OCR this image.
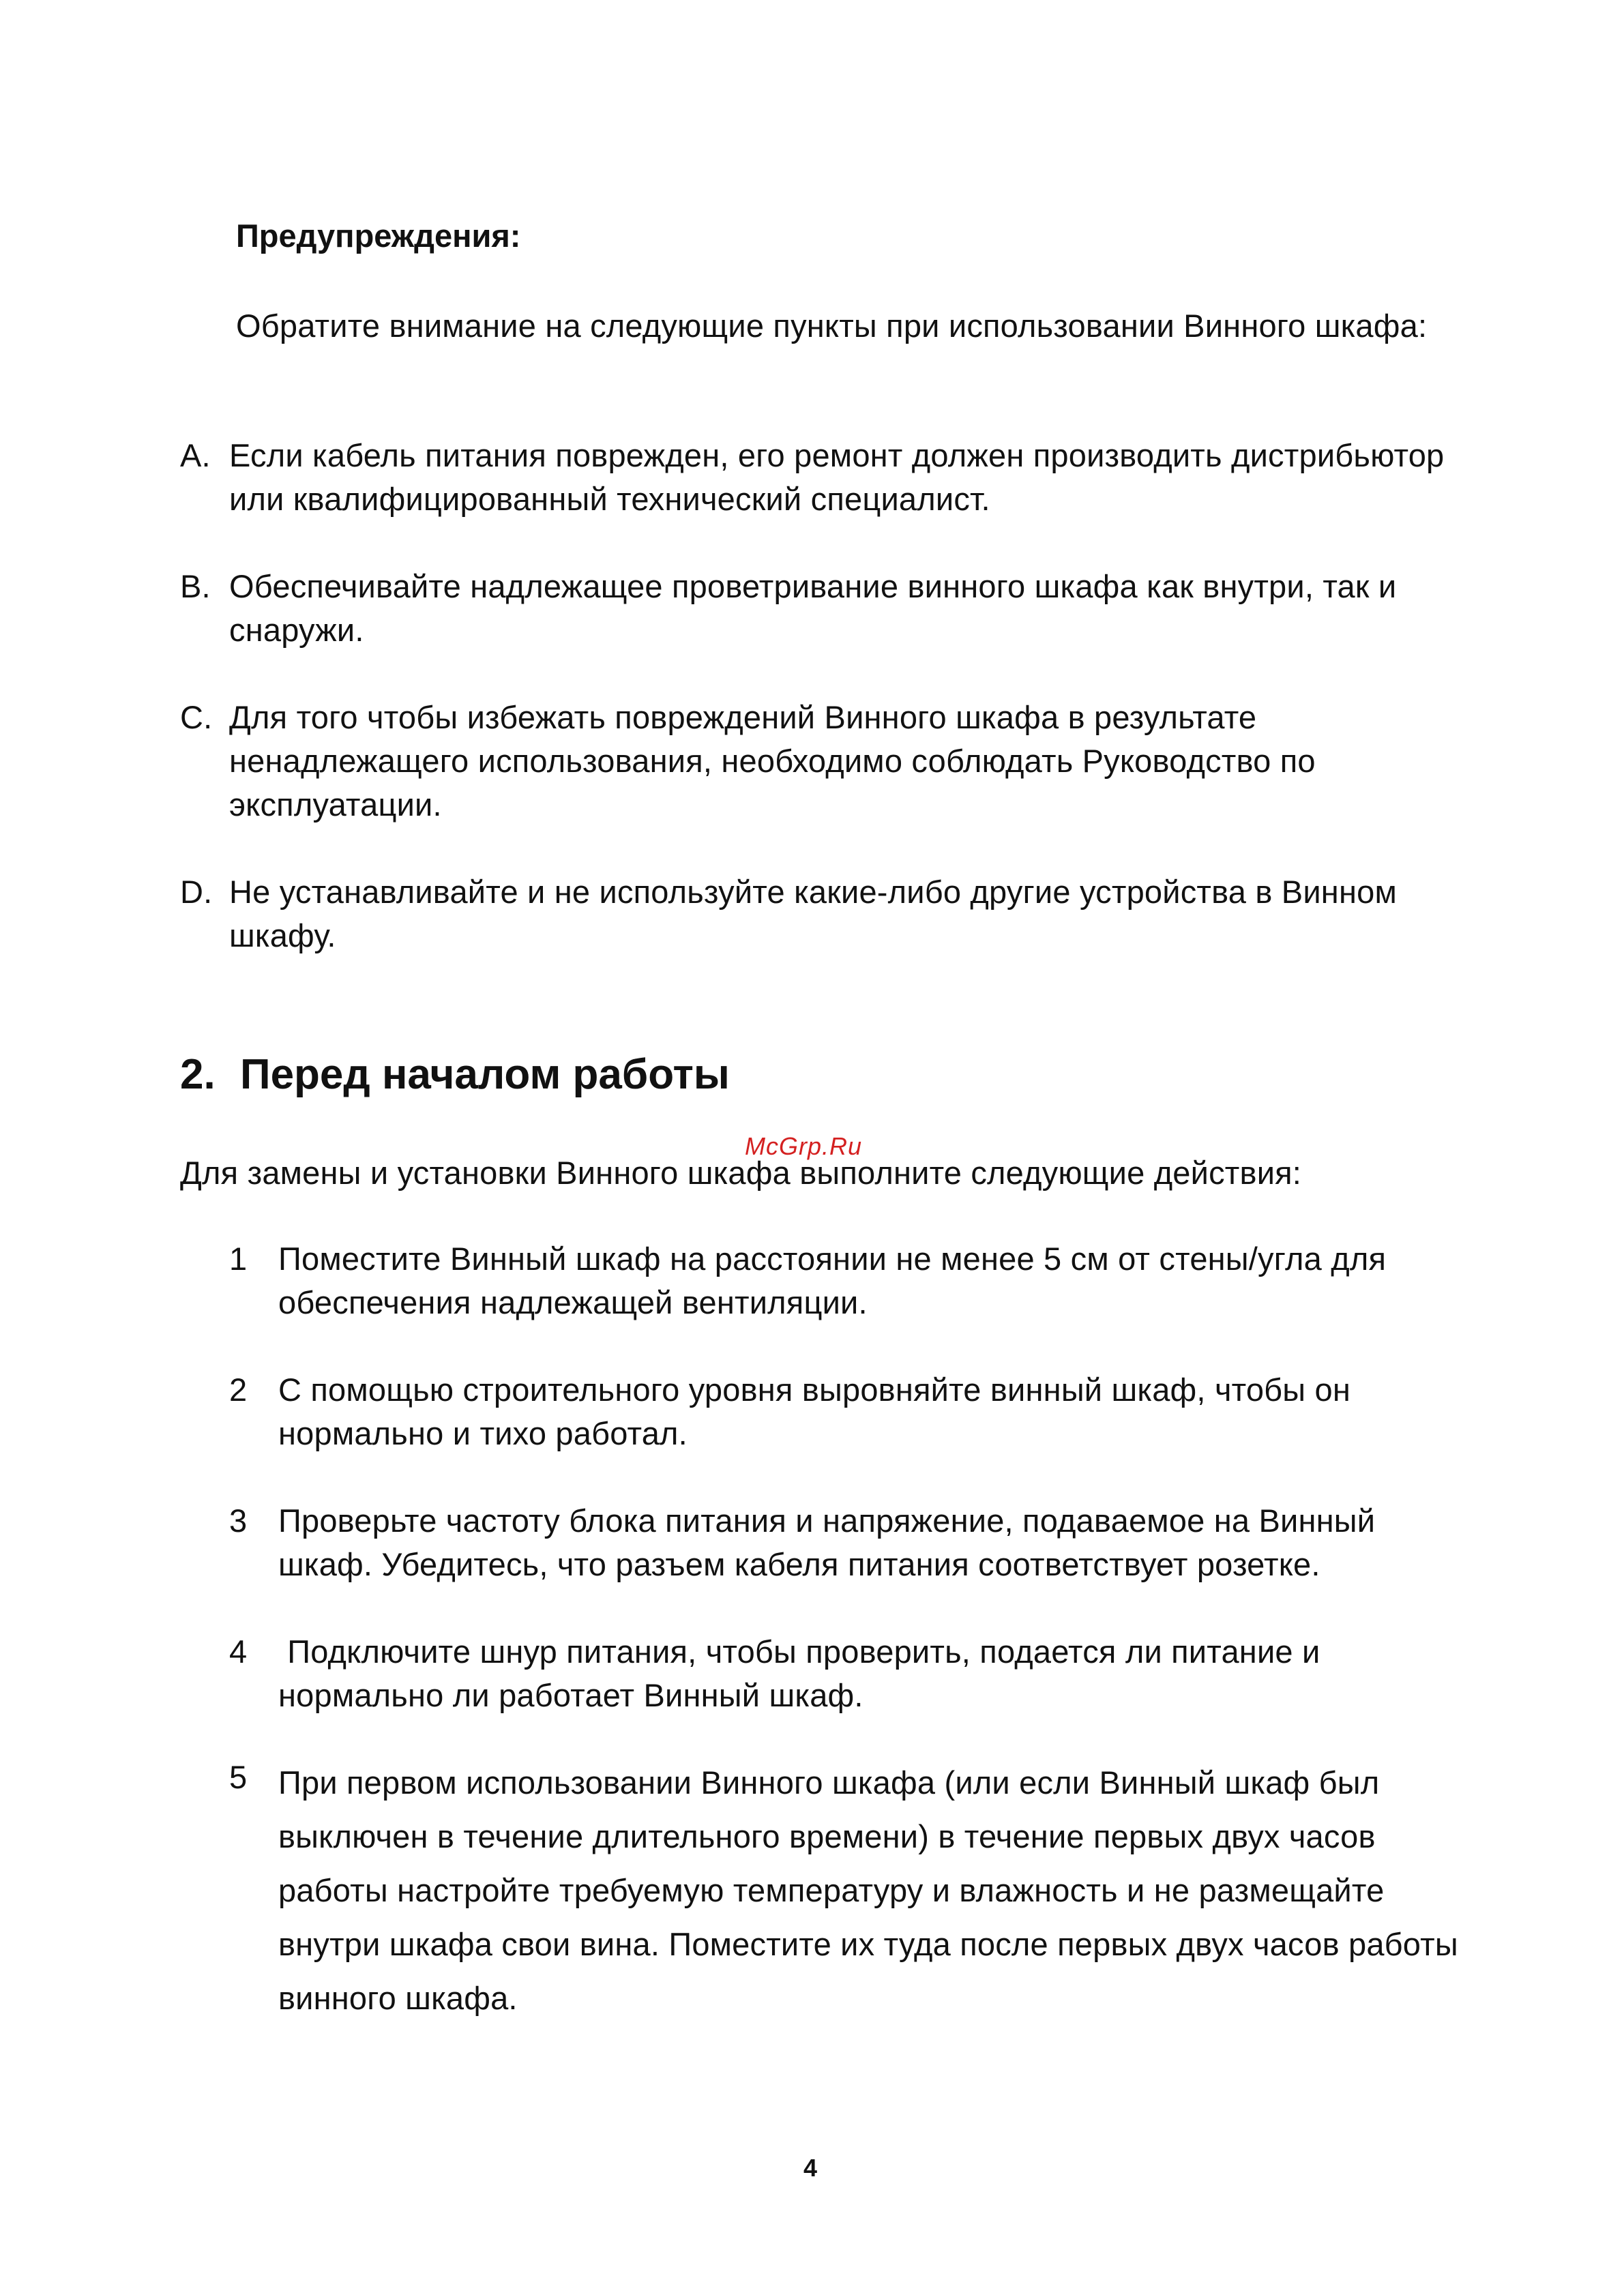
Предупреждения:
Обратите внимание на следующие пункты при использовании Винного шкафа:
A. Если кабель питания поврежден, его ремонт должен производить дистрибьютор или квалифицированный технический специалист.
B. Обеспечивайте надлежащее проветривание винного шкафа как внутри, так и снаружи.
C. Для того чтобы избежать повреждений Винного шкафа в результате ненадлежащего использования, необходимо соблюдать Руководство по эксплуатации.
D. Не устанавливайте и не используйте какие-либо другие устройства в Винном шкафу.
2. Перед началом работы
McGrp.Ru
Для замены и установки Винного шкафа выполните следующие действия:
1 Поместите Винный шкаф на расстоянии не менее 5 см от стены/угла для обеспечения надлежащей вентиляции.
2 С помощью строительного уровня выровняйте винный шкаф, чтобы он нормально и тихо работал.
3 Проверьте частоту блока питания и напряжение, подаваемое на Винный шкаф. Убедитесь, что разъем кабеля питания соответствует розетке.
4 Подключите шнур питания, чтобы проверить, подается ли питание и нормально ли работает Винный шкаф.
5 При первом использовании Винного шкафа (или если Винный шкаф был выключен в течение длительного времени) в течение первых двух часов работы настройте требуемую температуру и влажность и не размещайте внутри шкафа свои вина. Поместите их туда после первых двух часов работы винного шкафа.
4
